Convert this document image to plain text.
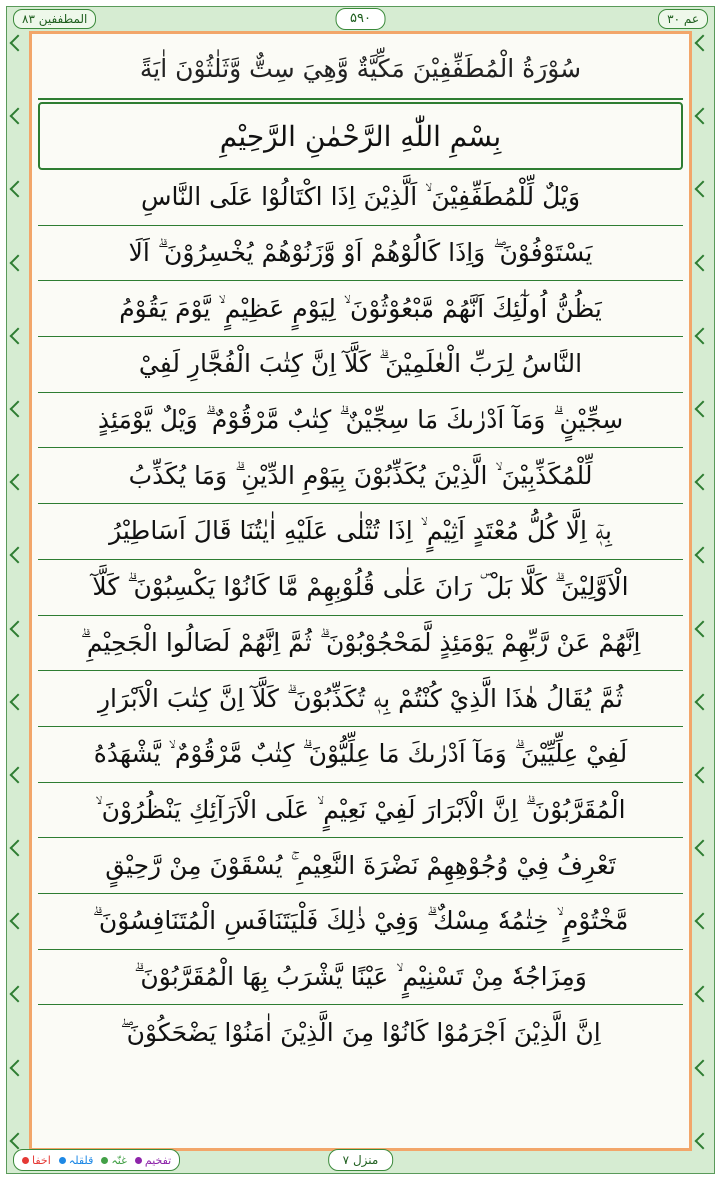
المطففين ۸۳	۵۹۰	عم ۳۰
سُوْرَةُ الْمُطَفِّفِيْنَ مَكِّيَّةٌ وَّهِيَ سِتٌّ وَّثَلٰثُوْنَ اٰيَةً
بِسْمِ اللّٰهِ الرَّحْمٰنِ الرَّحِيْمِ
وَيْلٌ لِّلْمُطَفِّفِيْنَ ۙ اَلَّذِيْنَ اِذَا اكْتَالُوْا عَلَى النَّاسِ
يَسْتَوْفُوْنَ ۖ وَاِذَا كَالُوْهُمْ اَوْ وَّزَنُوْهُمْ يُخْسِرُوْنَ ۗ اَلَا
يَظُنُّ اُولٰٓئِكَ اَنَّهُمْ مَّبْعُوْثُوْنَ ۙ لِيَوْمٍ عَظِيْمٍ ۙ يَّوْمَ يَقُوْمُ
النَّاسُ لِرَبِّ الْعٰلَمِيْنَ ۗ كَلَّآ اِنَّ كِتٰبَ الْفُجَّارِ لَفِيْ
سِجِّيْنٍ ۗ وَمَآ اَدْرٰىكَ مَا سِجِّيْنٌ ۗ كِتٰبٌ مَّرْقُوْمٌ ۗ وَيْلٌ يَّوْمَئِذٍ
لِّلْمُكَذِّبِيْنَ ۙ الَّذِيْنَ يُكَذِّبُوْنَ بِيَوْمِ الدِّيْنِ ۗ وَمَا يُكَذِّبُ
بِهٖٓ اِلَّا كُلُّ مُعْتَدٍ اَثِيْمٍ ۙ اِذَا تُتْلٰى عَلَيْهِ اٰيٰتُنَا قَالَ اَسَاطِيْرُ
الْاَوَّلِيْنَ ۗ كَلَّا بَلْ ۜ رَانَ عَلٰى قُلُوْبِهِمْ مَّا كَانُوْا يَكْسِبُوْنَ ۗ كَلَّآ
اِنَّهُمْ عَنْ رَّبِّهِمْ يَوْمَئِذٍ لَّمَحْجُوْبُوْنَ ۗ ثُمَّ اِنَّهُمْ لَصَالُوا الْجَحِيْمِ ۗ
ثُمَّ يُقَالُ هٰذَا الَّذِيْ كُنْتُمْ بِهٖ تُكَذِّبُوْنَ ۗ كَلَّآ اِنَّ كِتٰبَ الْاَبْرَارِ
لَفِيْ عِلِّيِّيْنَ ۗ وَمَآ اَدْرٰىكَ مَا عِلِّيُّوْنَ ۗ كِتٰبٌ مَّرْقُوْمٌ ۙ يَّشْهَدُهُ
الْمُقَرَّبُوْنَ ۗ اِنَّ الْاَبْرَارَ لَفِيْ نَعِيْمٍ ۙ عَلَى الْاَرَآئِكِ يَنْظُرُوْنَ ۙ
تَعْرِفُ فِيْ وُجُوْهِهِمْ نَضْرَةَ النَّعِيْمِ ۚ يُسْقَوْنَ مِنْ رَّحِيْقٍ
مَّخْتُوْمٍ ۙ خِتٰمُهٗ مِسْكٌ ۗ وَفِيْ ذٰلِكَ فَلْيَتَنَافَسِ الْمُتَنَافِسُوْنَ ۗ
وَمِزَاجُهٗ مِنْ تَسْنِيْمٍ ۙ عَيْنًا يَّشْرَبُ بِهَا الْمُقَرَّبُوْنَ ۗ
اِنَّ الَّذِيْنَ اَجْرَمُوْا كَانُوْا مِنَ الَّذِيْنَ اٰمَنُوْا يَضْحَكُوْنَ ۖ
اخفا قلقلہ غنّہ تفخیم	منزل ۷
